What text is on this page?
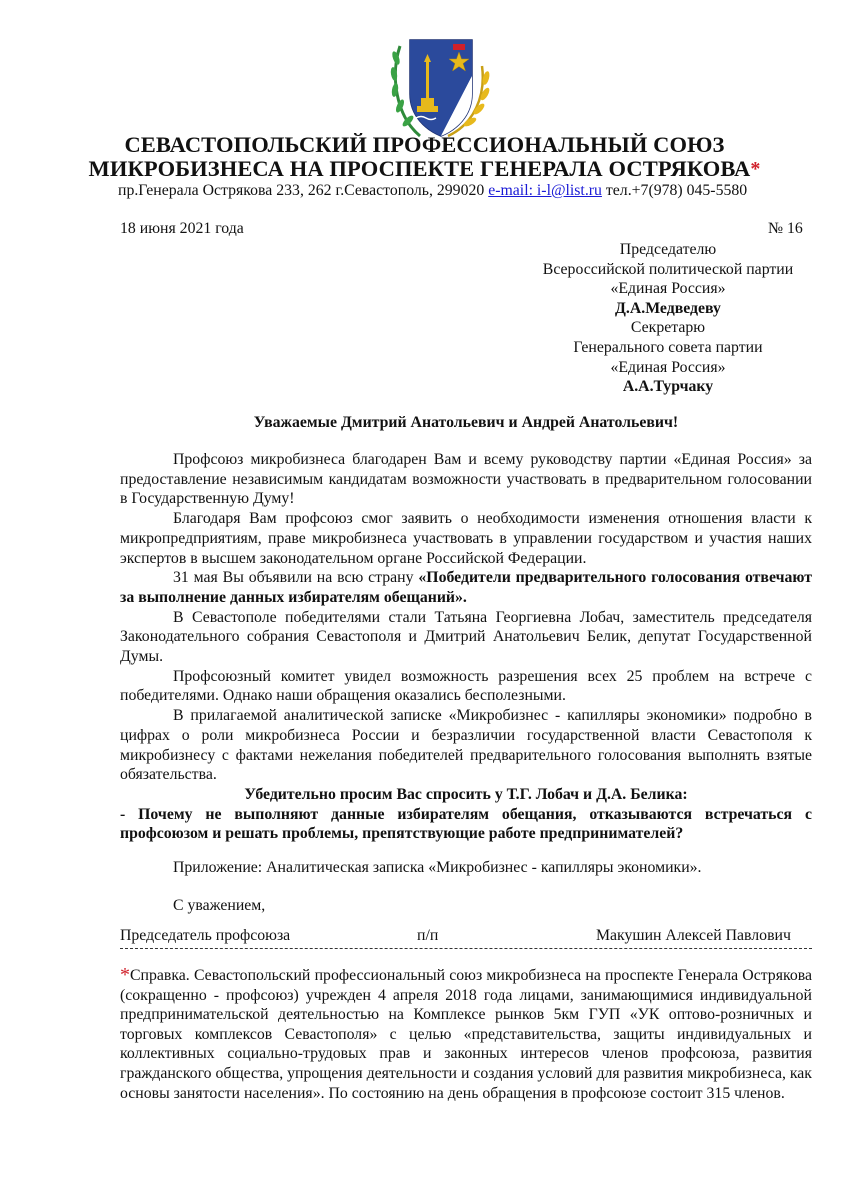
СЕВАСТОПОЛЬСКИЙ ПРОФЕССИОНАЛЬНЫЙ СОЮЗ
МИКРОБИЗНЕСА НА ПРОСПЕКТЕ ГЕНЕРАЛА ОСТРЯКОВА*
пр.Генерала Острякова 233, 262 г.Севастополь, 299020 e-mail: i-l@list.ru тел.+7(978) 045-5580
18 июня 2021 года	№ 16
Председателю
Всероссийской политической партии
«Единая Россия»
Д.А.Медведеву
Секретарю
Генерального совета партии
«Единая Россия»
А.А.Турчаку
Уважаемые Дмитрий Анатольевич и Андрей Анатольевич!

Профсоюз микробизнеса благодарен Вам и всему руководству партии «Единая Россия» за предоставление независимым кандидатам возможности участвовать в предварительном голосовании в Государственную Думу!

Благодаря Вам профсоюз смог заявить о необходимости изменения отношения власти к микропредприятиям, праве микробизнеса участвовать в управлении государством и участия наших экспертов в высшем законодательном органе Российской Федерации.

31 мая Вы объявили на всю страну «Победители предварительного голосования отвечают за выполнение данных избирателям обещаний».

В Севастополе победителями стали Татьяна Георгиевна Лобач, заместитель председателя Законодательного собрания Севастополя и Дмитрий Анатольевич Белик, депутат Государственной Думы.

Профсоюзный комитет увидел возможность разрешения всех 25 проблем на встрече с победителями. Однако наши обращения оказались бесполезными.

В прилагаемой аналитической записке «Микробизнес - капилляры экономики» подробно в цифрах о роли микробизнеса России и безразличии государственной власти Севастополя к микробизнесу с фактами нежелания победителей предварительного голосования выполнять взятые обязательства.

Убедительно просим Вас спросить у Т.Г. Лобач и Д.А. Белика:

- Почему не выполняют данные избирателям обещания, отказываются встречаться с профсоюзом и решать проблемы, препятствующие работе предпринимателей?

Приложение: Аналитическая записка «Микробизнес - капилляры экономики».

С уважением,

Председатель профсоюза	п/п	Макушин Алексей Павлович
*Справка. Севастопольский профессиональный союз микробизнеса на проспекте Генерала Острякова (сокращенно - профсоюз) учрежден 4 апреля 2018 года лицами, занимающимися индивидуальной предпринимательской деятельностью на Комплексе рынков 5км ГУП «УК оптово-розничных и торговых комплексов Севастополя» с целью «представительства, защиты индивидуальных и коллективных социально-трудовых прав и законных интересов членов профсоюза, развития гражданского общества, упрощения деятельности и создания условий для развития микробизнеса, как основы занятости населения». По состоянию на день обращения в профсоюзе состоит 315 членов.
